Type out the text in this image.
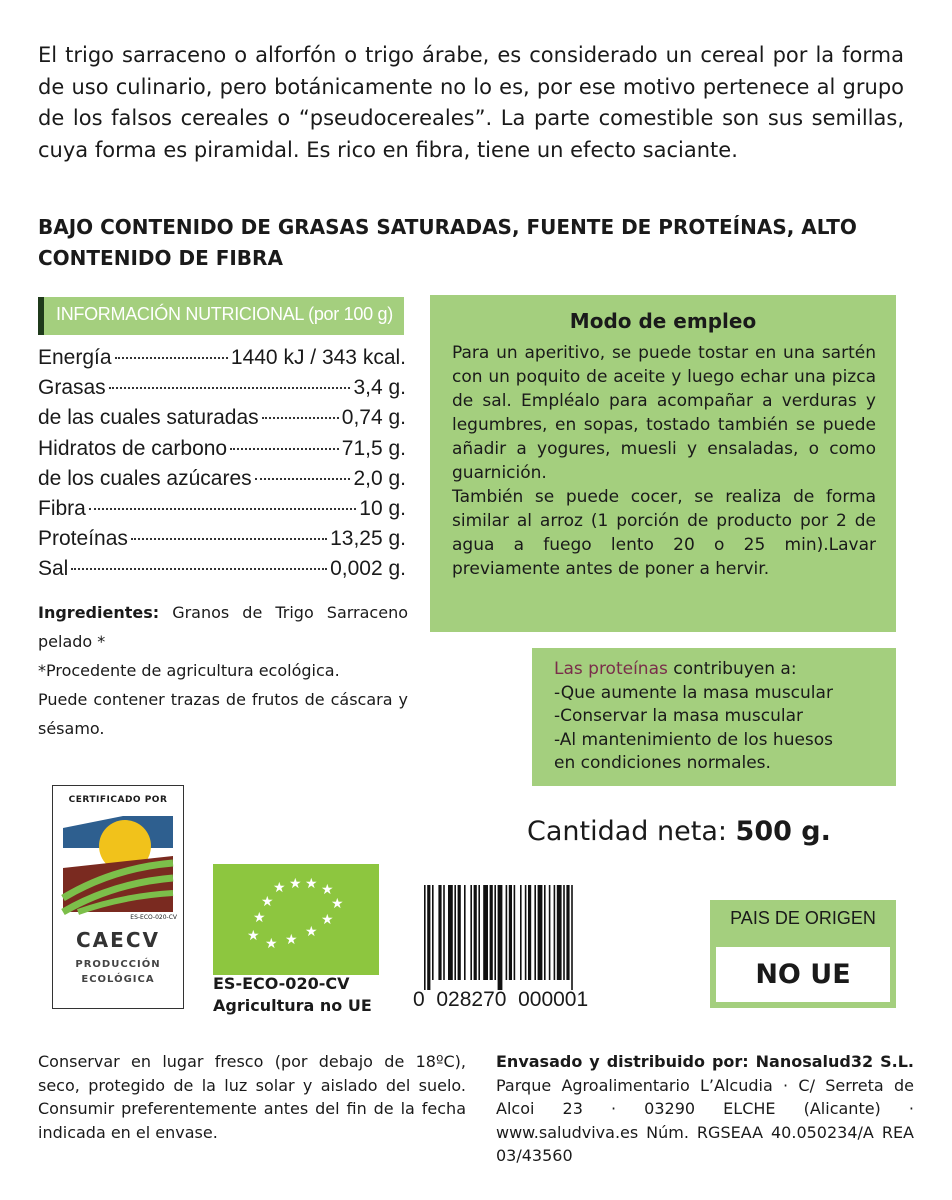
El trigo sarraceno o alforfón o trigo árabe, es considerado un cereal por la forma de uso culinario, pero botánicamente no lo es, por ese motivo pertenece al grupo de los falsos cereales o “pseudocereales”. La parte comestible son sus semillas, cuya forma es piramidal. Es rico en fibra, tiene un efecto saciante.
BAJO CONTENIDO DE GRASAS SATURADAS, FUENTE DE PROTEÍNAS, ALTO CONTENIDO DE FIBRA
INFORMACIÓN NUTRICIONAL (por 100 g)
Energía	1440 kJ / 343 kcal.
Grasas	3,4 g.
de las cuales saturadas	0,74 g.
Hidratos de carbono	71,5 g.
de los cuales azúcares	2,0 g.
Fibra	10 g.
Proteínas	13,25 g.
Sal	0,002 g.
Ingredientes: Granos de Trigo Sarraceno pelado *
*Procedente de agricultura ecológica.
Puede contener trazas de frutos de cáscara y sésamo.
Modo de empleo
Para un aperitivo, se puede tostar en una sartén con un poquito de aceite y luego echar una pizca de sal. Empléalo para acompañar a verduras y legumbres, en sopas, tostado también se puede añadir a yogures, muesli y ensaladas, o como guarnición.
También se puede cocer, se realiza de forma similar al arroz (1 porción de producto por 2 de agua a fuego lento 20 o 25 min).Lavar previamente antes de poner a hervir.
Las proteínas contribuyen a:
-Que aumente la masa muscular
-Conservar la masa muscular
-Al mantenimiento de los huesos
en condiciones normales.
Cantidad neta: 500 g.
CERTIFICADO POR
ES-ECO-020-CV
CAECV
PRODUCCIÓN
ECOLÓGICA
★ ★ ★ ★
★	★
★	★
★	★
★ ★
ES-ECO-020-CV
Agricultura no UE 0  028270  000001
PAIS DE ORIGEN
NO UE
Conservar en lugar fresco (por debajo de 18ºC), seco, protegido de la luz solar y aislado del suelo. Consumir preferentemente antes del fin de la fecha indicada en el envase.
Envasado y distribuido por: Nanosalud32 S.L. Parque Agroalimentario L’Alcudia · C/ Serreta de Alcoi 23 · 03290 ELCHE (Alicante) · www.saludviva.es Núm. RGSEAA 40.050234/A REA 03/43560
